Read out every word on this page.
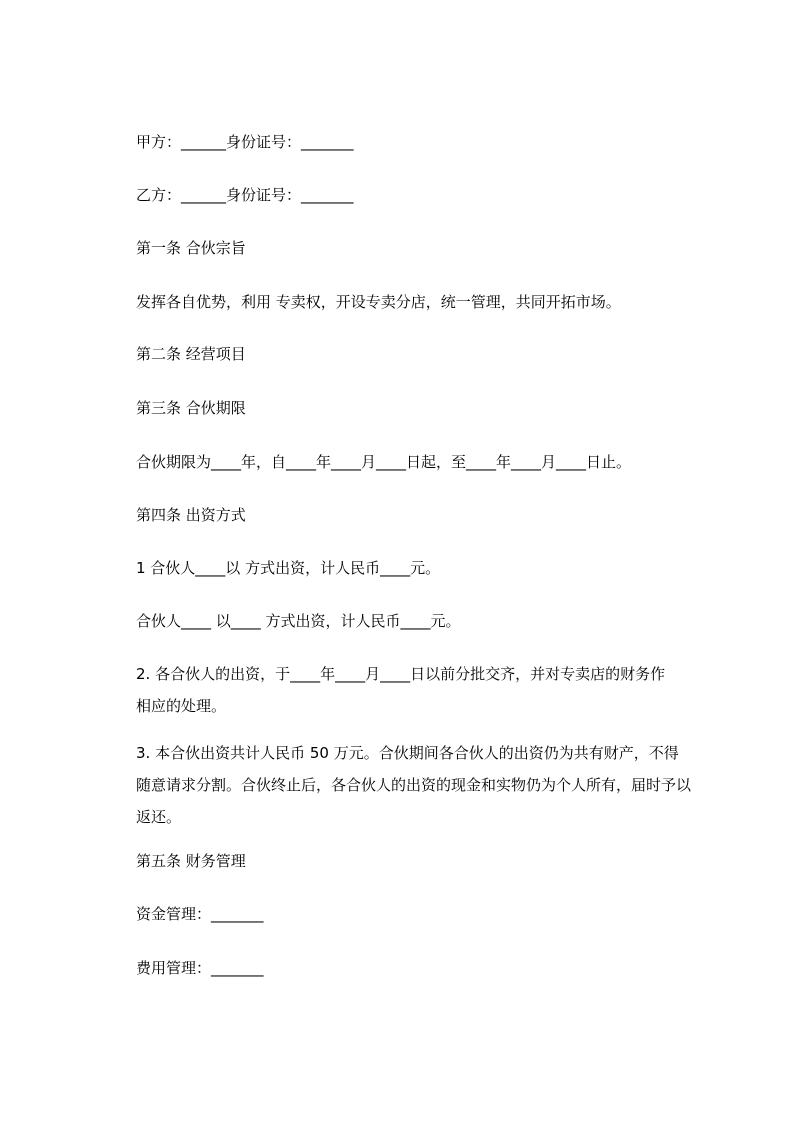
甲方：______身份证号：_______
乙方：______身份证号：_______
第一条 合伙宗旨
发挥各自优势，利用 专卖权，开设专卖分店，统一管理，共同开拓市场。
第二条 经营项目
第三条 合伙期限
合伙期限为____年，自____年____月____日起，至____年____月____日止。
第四条 出资方式
1 合伙人____以 方式出资，计人民币____元。
合伙人____ 以____ 方式出资，计人民币____元。
2. 各合伙人的出资，于____年____月____日以前分批交齐，并对专卖店的财务作
相应的处理。
3. 本合伙出资共计人民币 50 万元。合伙期间各合伙人的出资仍为共有财产，不得
随意请求分割。合伙终止后，各合伙人的出资的现金和实物仍为个人所有，届时予以
返还。
第五条 财务管理
资金管理：_______
费用管理：_______
